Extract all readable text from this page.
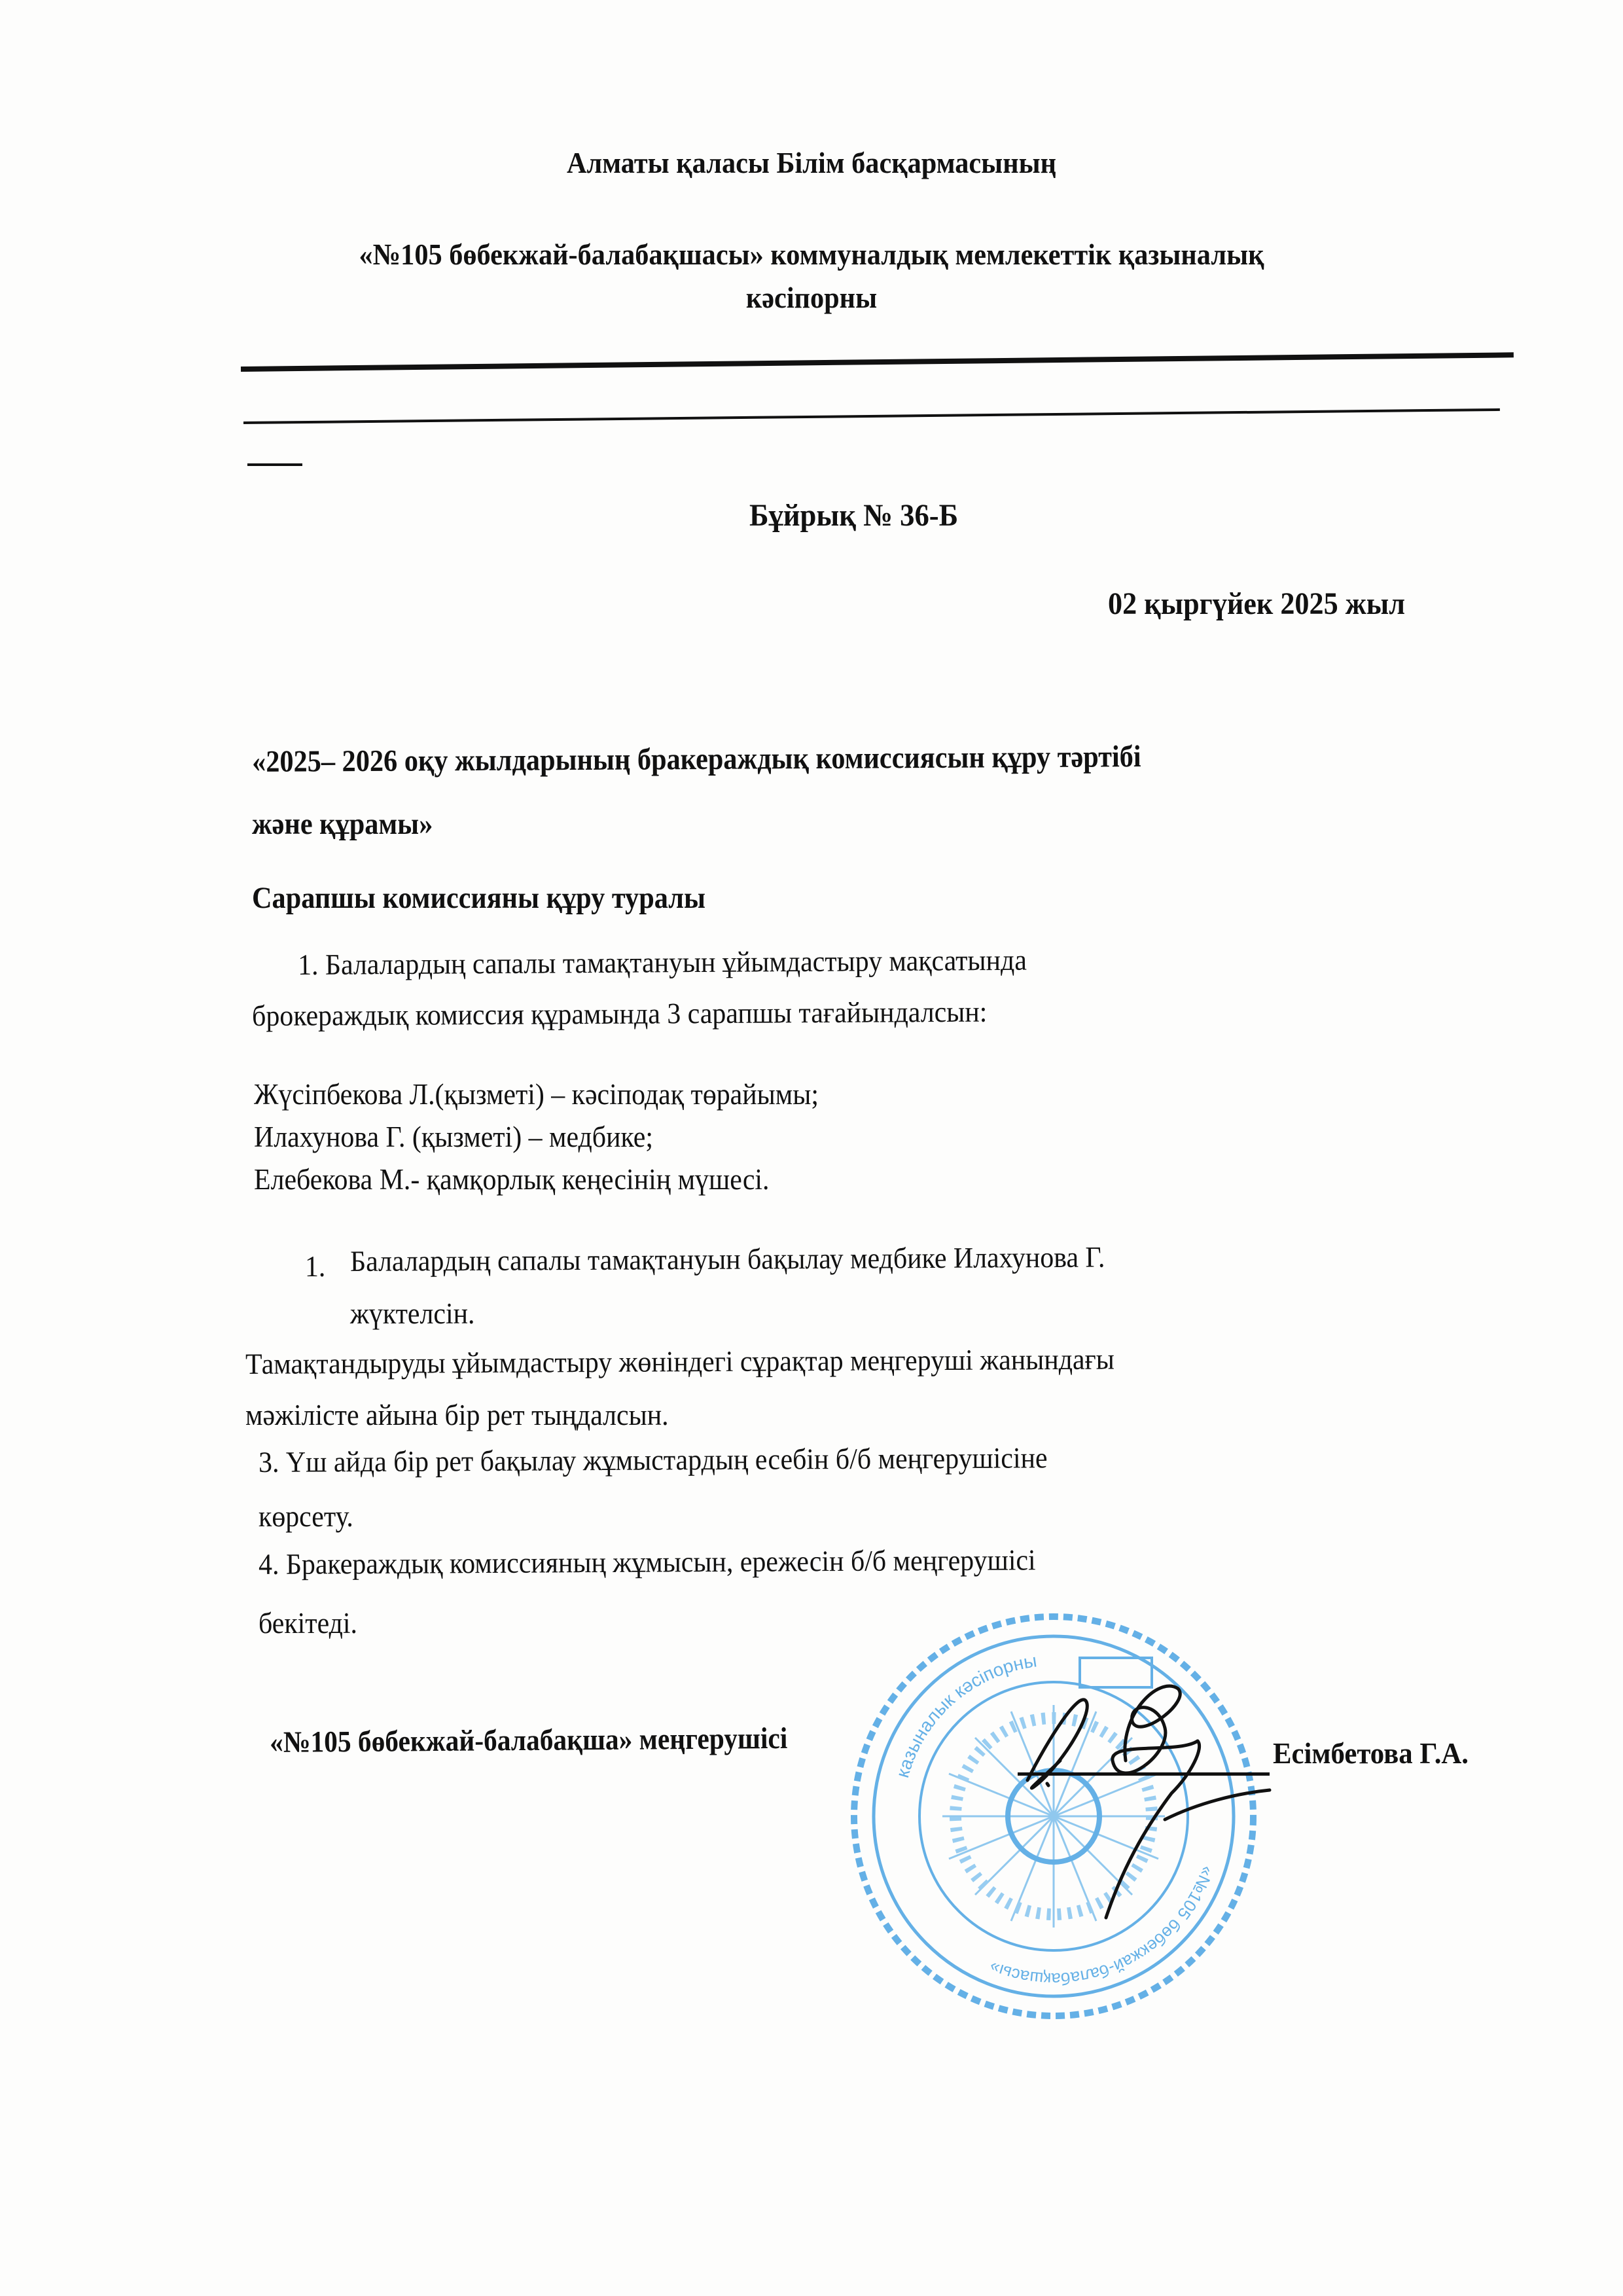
Алматы қаласы Білім басқармасының
«№105 бөбекжай-балабақшасы» коммуналдық мемлекеттік қазыналық
кәсіпорны
Бұйрық № 36-Б
02 қыргүйек 2025 жыл
«2025– 2026 оқу жылдарының бракераждық комиссиясын құру тәртібі
және құрамы»
Сарапшы комиссияны құру туралы
1. Балалардың сапалы тамақтануын ұйымдастыру мақсатында
брокераждық комиссия құрамында 3 сарапшы тағайындалсын:
Жүсіпбекова Л.(қызметі) – кәсіподақ төрайымы;
Илахунова Г. (қызметі) – медбике;
Елебекова М.- қамқорлық кеңесінің мүшесі.
1. Балалардың сапалы тамақтануын бақылау медбике Илахунова Г.
жүктелсін.
Тамақтандыруды ұйымдастыру жөніндегі сұрақтар меңгеруші жанындағы
мәжілісте айына бір рет тыңдалсын.
3. Үш айда бір рет бақылау жұмыстардың есебін б/б меңгерушісіне
көрсету.
4. Бракераждық комиссияның жұмысын, ережесін б/б меңгерушісі
бекітеді.
казыналык кәсіпорны
«№105 бөбекжай-балабақшасы»
«№105 бөбекжай-балабақша» меңгерушісі	Есімбетова Г.А.
